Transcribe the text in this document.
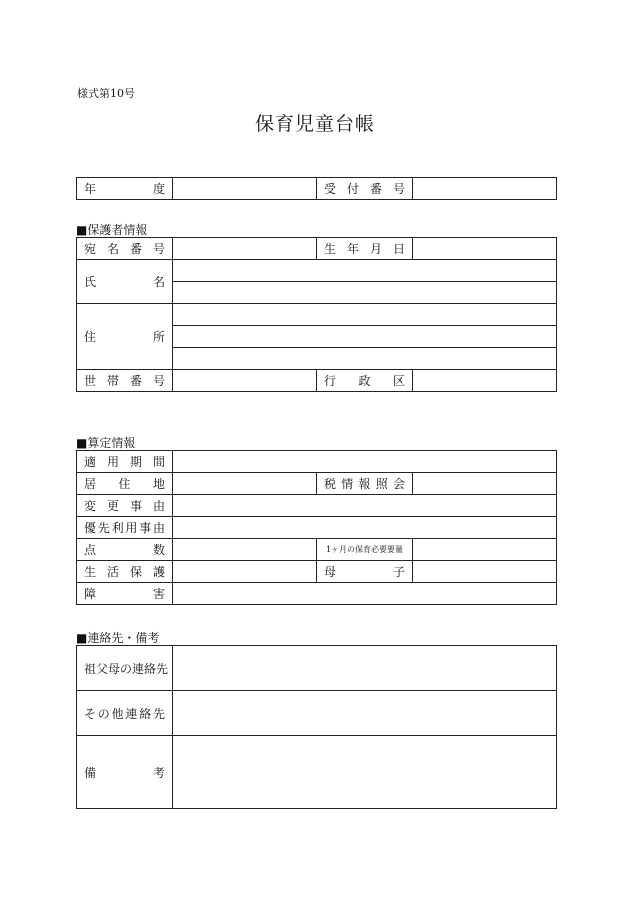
様式第10号
保育児童台帳
年　　度		受付番号	
■保護者情報
宛名番号		生年月日	
氏　　名			

住　　所			

世帯番号		行　政　区	
■算定情報
適用期間			
居　住　地		税情報照会	
変更事由			
優先利用事由			
点　　数		1ヶ月の保育必要要量	
生活保護		母　　子	
障　　害			
■連絡先・備考
祖父母の連絡先	
その他連絡先	
備　　考	
